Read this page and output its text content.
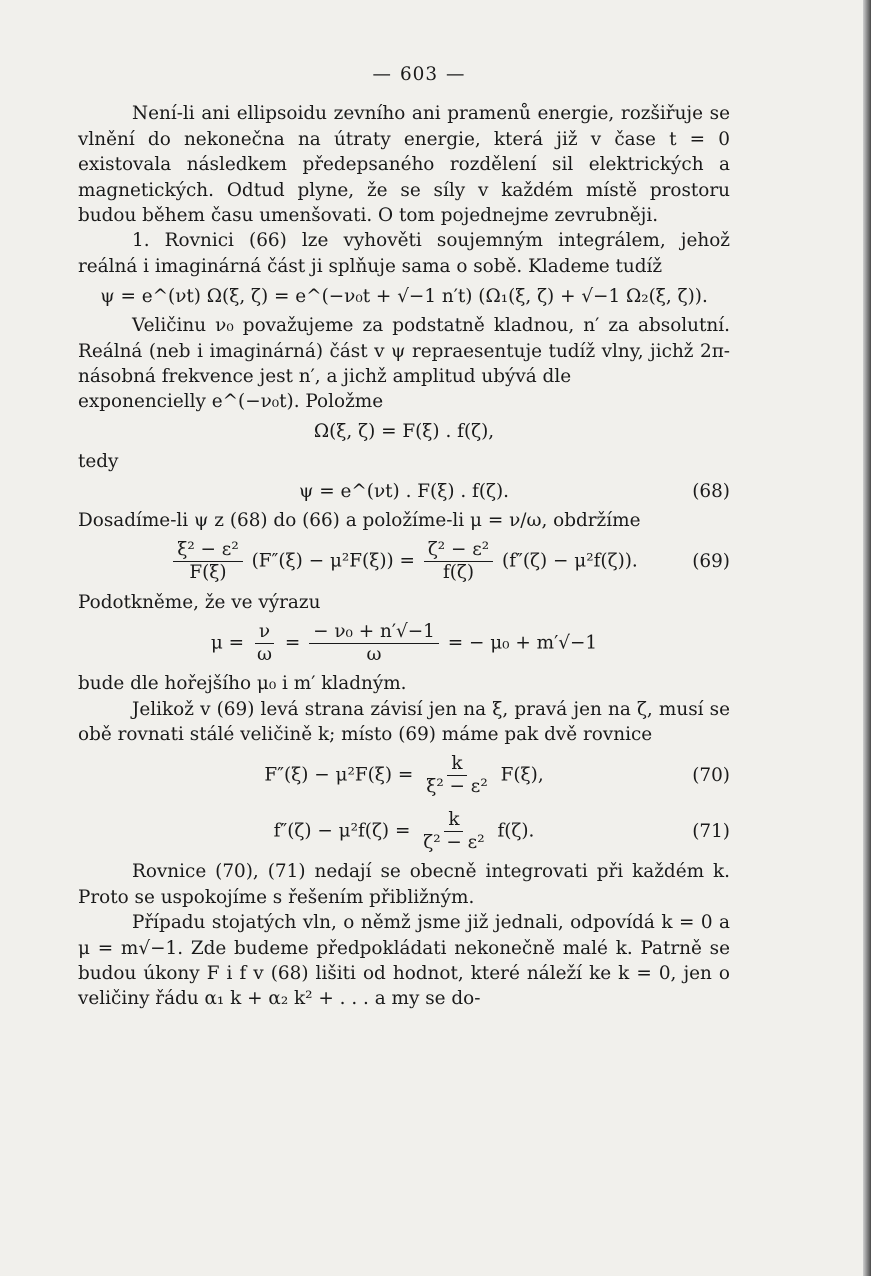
— 603 —

Není-li ani ellipsoidu zevního ani pramenů energie, rozšiřuje se vlnění do nekonečna na útraty energie, která již v čase t = 0 existovala následkem předepsaného rozdělení sil elektrických a magnetických. Odtud plyne, že se síly v každém místě prostoru budou během času umenšovati. O tom pojednejme zevrubněji.

1. Rovnici (66) lze vyhověti soujemným integrálem, jehož reálná i imaginárná část ji splňuje sama o sobě. Klademe tudíž

ψ = e^(νt) Ω(ξ, ζ) = e^(−ν₀t + √−1 n′t) (Ω₁(ξ, ζ) + √−1 Ω₂(ξ, ζ)).

Veličinu ν₀ považujeme za podstatně kladnou, n′ za absolutní. Reálná (neb i imaginárná) část v ψ repraesentuje tudíž vlny, jichž 2π-násobná frekvence jest n′, a jichž amplitud ubývá dle

exponencielly e^(−ν₀t). Položme

Ω(ξ, ζ) = F(ξ) . f(ζ),

tedy

ψ = e^(νt) . F(ξ) . f(ζ).	(68)

Dosadíme-li ψ z (68) do (66) a položíme-li μ = ν/ω, obdržíme

$\frac{\text{ξ² − ε²}}{F(\xi)} (F''(\xi) - \mu^2F(\xi)) = \frac{\text{ζ² − ε²}}{f(\zeta)} (f''(\zeta) - \mu^2f(\zeta))$.	(69)

Podotkněme, že ve výrazu

$\mu = \frac{\nu}{\omega} = \frac{\text{− ν₀ + n′√−1}}{\omega}$ = − μ₀ + m′√−1

bude dle hořejšího μ₀ i m′ kladným.

Jelikož v (69) levá strana závisí jen na ξ, pravá jen na ζ, musí se obě rovnati stálé veličině k; místo (69) máme pak dvě rovnice

$F''(\xi) - \mu^2F(\xi) = \frac{k}{\text{ξ² − ε²}} F(\xi)$,	(70)
$f''(\zeta) - \mu^2f(\zeta) = \frac{k}{\text{ζ² − ε²}} f(\zeta)$.	(71)

Rovnice (70), (71) nedají se obecně integrovati při každém k. Proto se uspokojíme s řešením přibližným.

Případu stojatých vln, o němž jsme již jednali, odpovídá k = 0 a μ = m√−1. Zde budeme předpokládati nekonečně malé k. Patrně se budou úkony F i f v (68) lišiti od hodnot, které náleží ke k = 0, jen o veličiny řádu α₁ k + α₂ k² + . . . a my se do-
